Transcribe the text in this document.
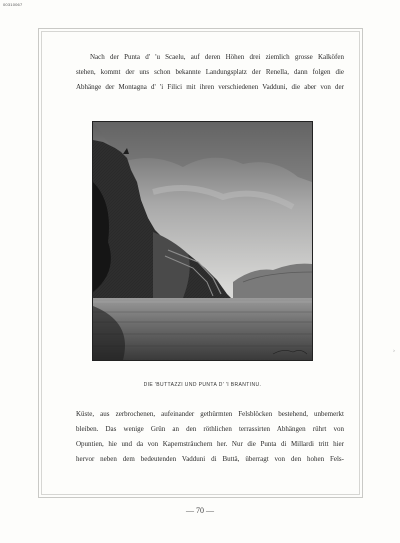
00310067
Nach der Punta d' 'u Scaelu, auf deren Höhen drei ziemlich grosse Kalköfen
stehen, kommt der uns schon bekannte Landungsplatz der Renella, dann folgen die
Abhänge der Montagna d' 'i Filici mit ihren verschiedenen Vadduni, die aber von der
DIE 'BUTTAZZI UND PUNTA D' 'I BRANTINU.
Küste, aus zerbrochenen, aufeinander gethürmten Felsblöcken bestehend, unbemerkt
bleiben. Das wenige Grün an den röthlichen terrassirten Abhängen rührt von
Opuntien, hie und da von Kapernsträuchern her. Nur die Punta di Millardi tritt hier
hervor neben dem bedeutenden Vadduni di Buttä, überragt von den hohen Fels-
— 70 —
›
